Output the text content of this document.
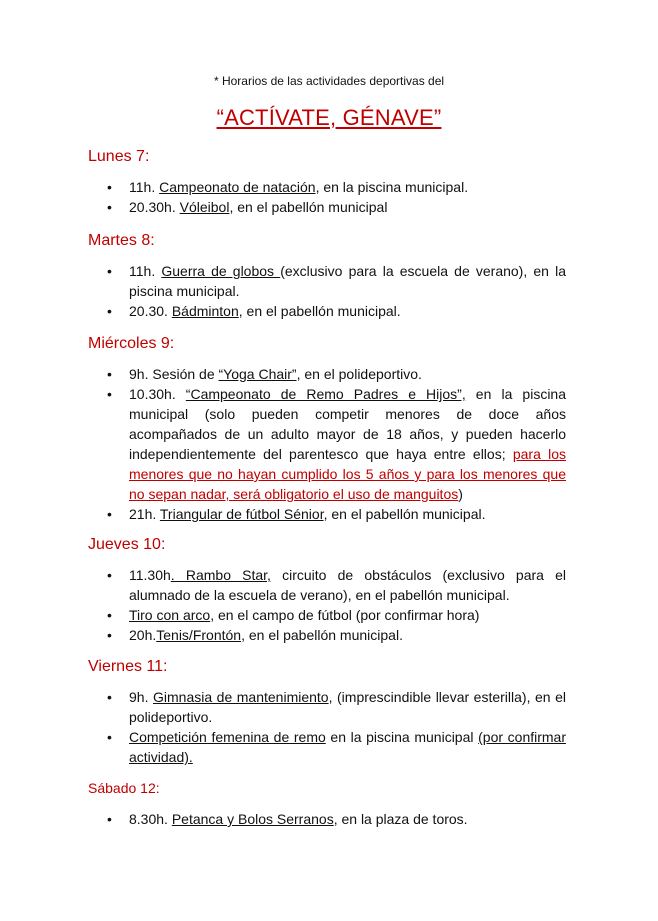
* Horarios de las actividades deportivas del
“ACTÍVATE, GÉNAVE”
Lunes 7:
• 11h. Campeonato de natación, en la piscina municipal.
• 20.30h. Vóleibol, en el pabellón municipal
Martes 8:
• 11h. Guerra de globos (exclusivo para la escuela de verano), en la piscina municipal.
• 20.30. Bádminton, en el pabellón municipal.
Miércoles 9:
• 9h. Sesión de “Yoga Chair”, en el polideportivo.
• 10.30h. “Campeonato de Remo Padres e Hijos”, en la piscina municipal (solo pueden competir menores de doce años acompañados de un adulto mayor de 18 años, y pueden hacerlo independientemente del parentesco que haya entre ellos; para los menores que no hayan cumplido los 5 años y para los menores que no sepan nadar, será obligatorio el uso de manguitos)
• 21h. Triangular de fútbol Sénior, en el pabellón municipal.
Jueves 10:
• 11.30h. Rambo Star, circuito de obstáculos (exclusivo para el alumnado de la escuela de verano), en el pabellón municipal.
• Tiro con arco, en el campo de fútbol (por confirmar hora)
• 20h.Tenis/Frontón, en el pabellón municipal.
Viernes 11:
• 9h. Gimnasia de mantenimiento, (imprescindible llevar esterilla), en el polideportivo.
• Competición femenina de remo en la piscina municipal (por confirmar actividad).
Sábado 12:
• 8.30h. Petanca y Bolos Serranos, en la plaza de toros.
